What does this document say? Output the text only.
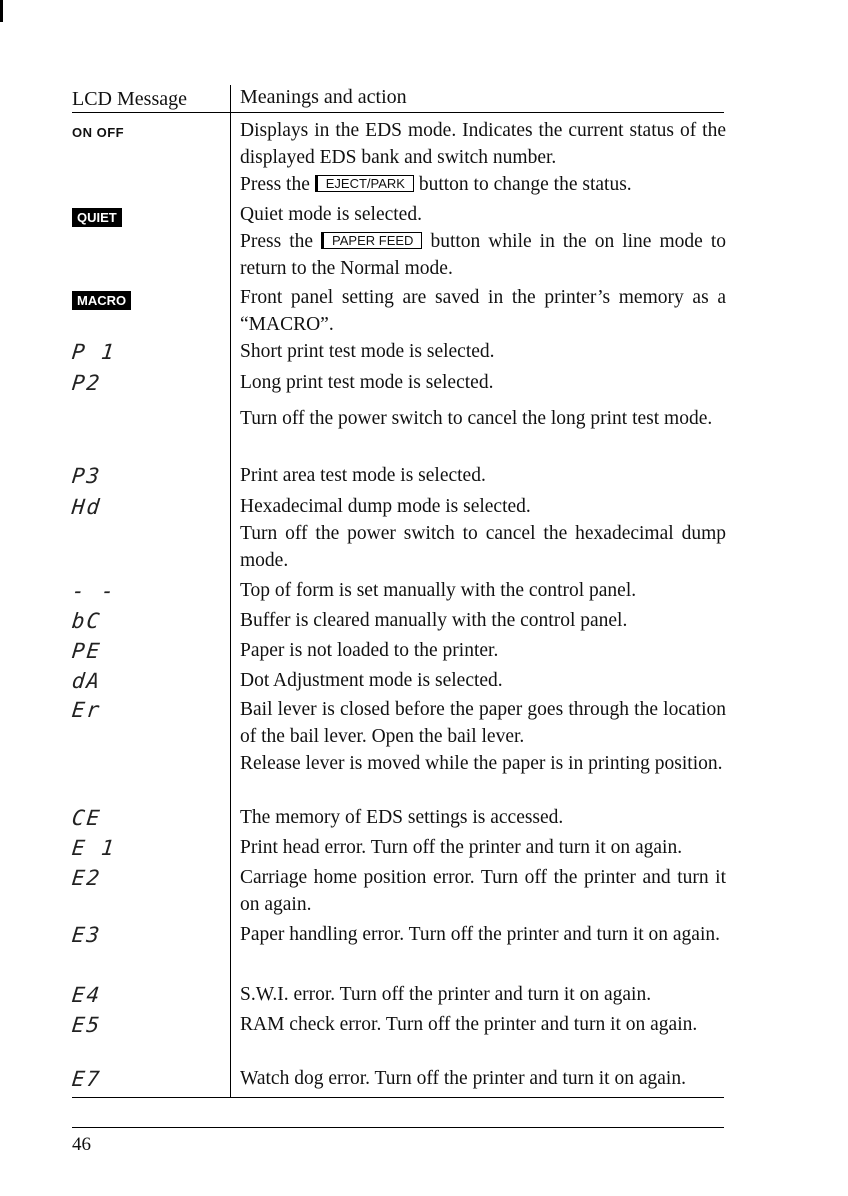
LCD Message	Meanings and action
ON OFF	Displays in the EDS mode. Indicates the current status of the displayed EDS bank and switch number.

Press the EJECT/PARK button to change the status.

QUIET	Quiet mode is selected.

Press the PAPER FEED button while in the on line mode to return to the Normal mode.

MACRO	Front panel setting are saved in the printer’s memory as a “MACRO”.

P 1	Short print test mode is selected.

P2	Long print test mode is selected.

Turn off the power switch to cancel the long print test mode.

P3	Print area test mode is selected.

Hd	Hexadecimal dump mode is selected.

Turn off the power switch to cancel the hexadecimal dump mode.

- -	Top of form is set manually with the control panel.

bC	Buffer is cleared manually with the control panel.

PE	Paper is not loaded to the printer.

dA	Dot Adjustment mode is selected.

Er	Bail lever is closed before the paper goes through the location of the bail lever. Open the bail lever.

Release lever is moved while the paper is in printing position.

CE	The memory of EDS settings is accessed.

E 1	Print head error. Turn off the printer and turn it on again.

E2	Carriage home position error. Turn off the printer and turn it on again.

E3	Paper handling error. Turn off the printer and turn it on again.

E4	S.W.I. error. Turn off the printer and turn it on again.

E5	RAM check error. Turn off the printer and turn it on again.

E7	Watch dog error. Turn off the printer and turn it on again.

46
